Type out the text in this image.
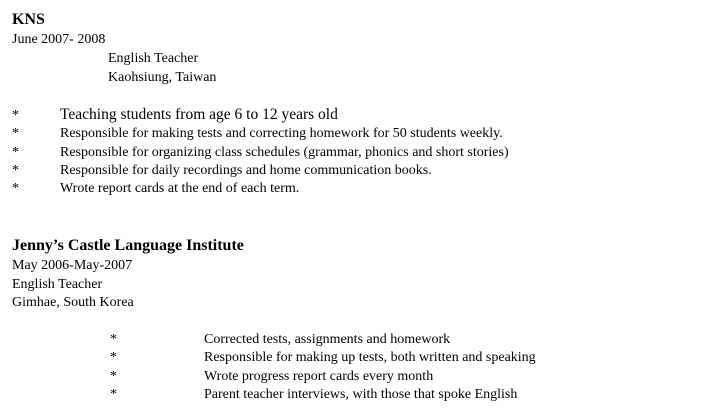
KNS
June 2007- 2008
English Teacher
Kaohsiung, Taiwan
*	Teaching students from age 6 to 12 years old
*	Responsible for making tests and correcting homework for 50 students weekly.
*	Responsible for organizing class schedules (grammar, phonics and short stories)
*	Responsible for daily recordings and home communication books.
*	Wrote report cards at the end of each term.
Jenny’s Castle Language Institute
May 2006-May-2007
English Teacher
Gimhae, South Korea
*	Corrected tests, assignments and homework
*	Responsible for making up tests, both written and speaking
*	Wrote progress report cards every month
*	Parent teacher interviews, with those that spoke English
